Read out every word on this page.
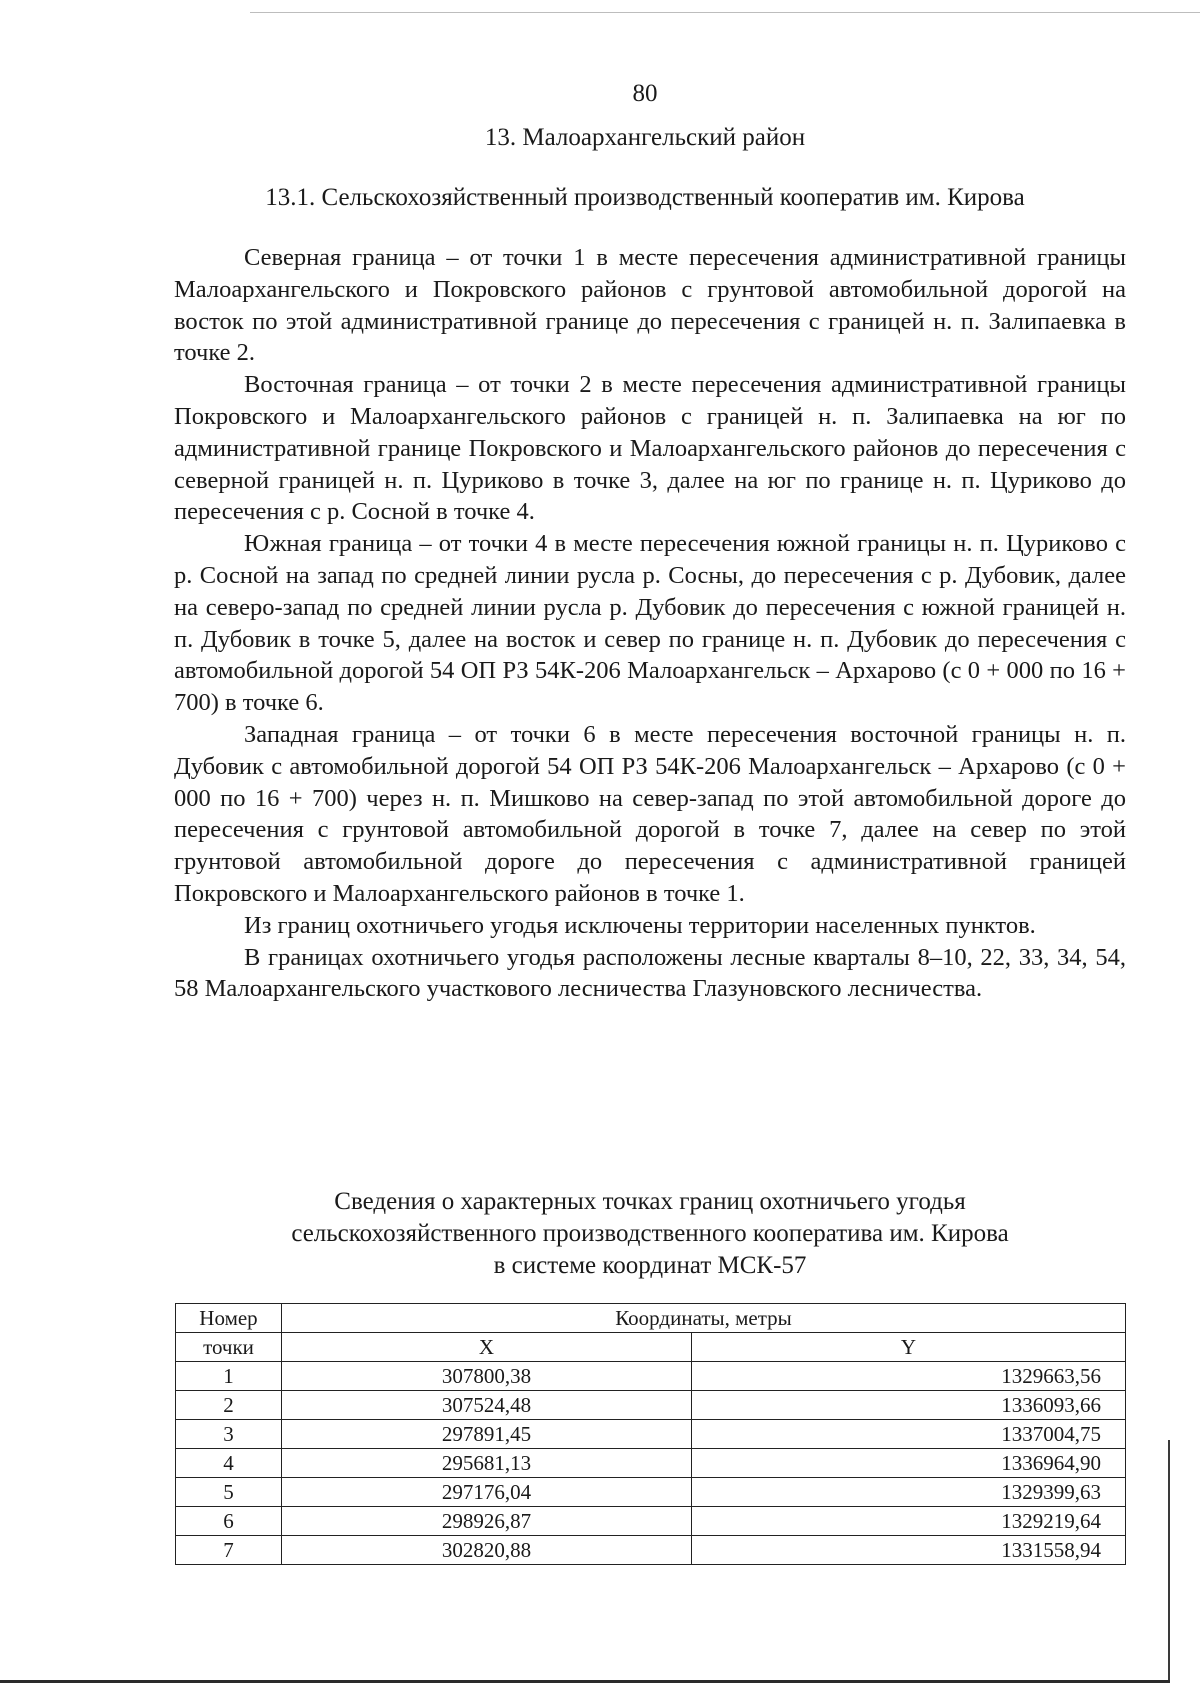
80
13. Малоархангельский район
13.1. Сельскохозяйственный производственный кооператив им. Кирова

Северная граница – от точки 1 в месте пересечения административной границы Малоархангельского и Покровского районов с грунтовой автомобильной дорогой на восток по этой административной границе до пересечения с границей н. п. Залипаевка в точке 2.

Восточная граница – от точки 2 в месте пересечения административной границы Покровского и Малоархангельского районов с границей н. п. Залипаевка на юг по административной границе Покровского и Малоархангельского районов до пересечения с северной границей н. п. Цуриково в точке 3, далее на юг по границе н. п. Цуриково до пересечения с р. Сосной в точке 4.

Южная граница – от точки 4 в месте пересечения южной границы н. п. Цуриково с р. Сосной на запад по средней линии русла р. Сосны, до пересечения с р. Дубовик, далее на северо-запад по средней линии русла р. Дубовик до пересечения с южной границей н. п. Дубовик в точке 5, далее на восток и север по границе н. п. Дубовик до пересечения с автомобильной дорогой 54 ОП РЗ 54К-206 Малоархангельск – Архарово (с 0 + 000 по 16 + 700) в точке 6.

Западная граница – от точки 6 в месте пересечения восточной границы н. п. Дубовик с автомобильной дорогой 54 ОП РЗ 54К-206 Малоархангельск – Архарово (с 0 + 000 по 16 + 700) через н. п. Мишково на север-запад по этой автомобильной дороге до пересечения с грунтовой автомобильной дорогой в точке 7, далее на север по этой грунтовой автомобильной дороге до пересечения с административной границей Покровского и Малоархангельского районов в точке 1.

Из границ охотничьего угодья исключены территории населенных пунктов.

В границах охотничьего угодья расположены лесные кварталы 8–10, 22, 33, 34, 54, 58 Малоархангельского участкового лесничества Глазуновского лесничества.

Сведения о характерных точках границ охотничьего угодья
сельскохозяйственного производственного кооператива им. Кирова
в системе координат МСК-57
Номер	Координаты, метры	
точки	X	Y
1	307800,38	1329663,56
2	307524,48	1336093,66
3	297891,45	1337004,75
4	295681,13	1336964,90
5	297176,04	1329399,63
6	298926,87	1329219,64
7	302820,88	1331558,94
